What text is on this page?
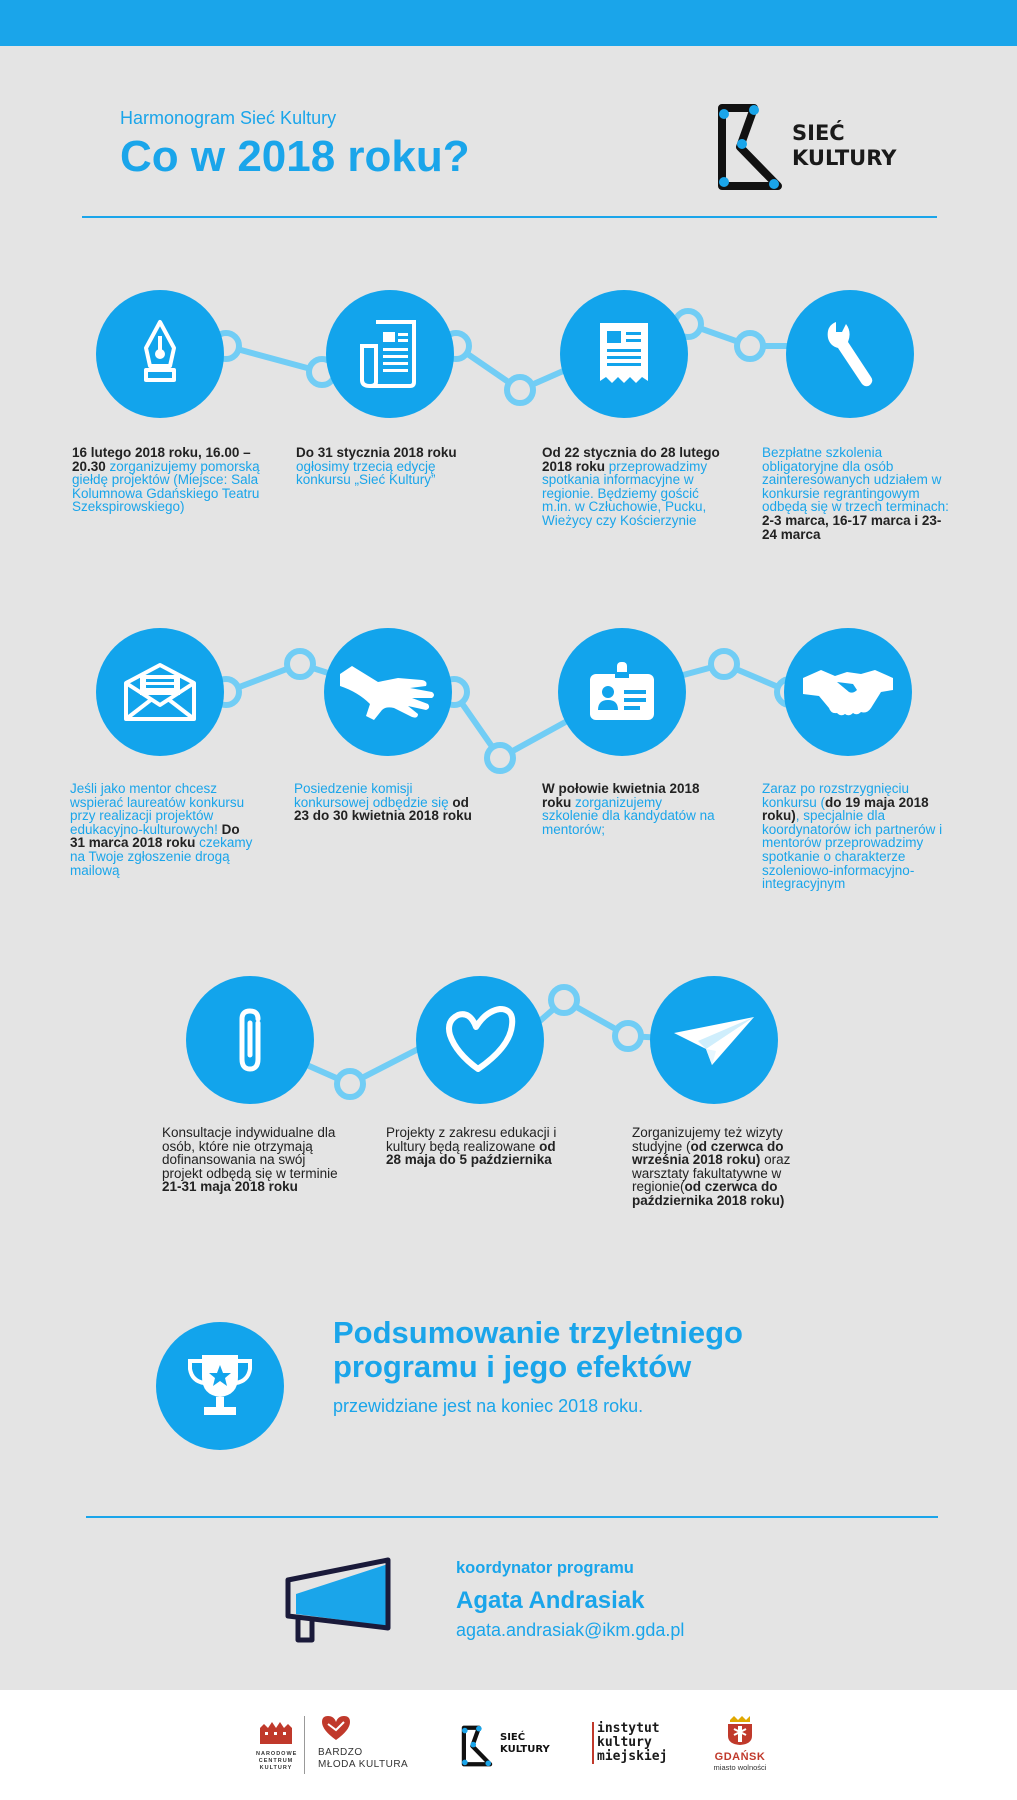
Harmonogram Sieć Kultury
Co w 2018 roku?	SIEĆ
KULTURY
16 lutego 2018 roku, 16.00 – 20.30 zorganizujemy pomorską giełdę projektów (Miejsce: Sala Kolumnowa Gdańskiego Teatru Szekspirowskiego)
Do 31 stycznia 2018 roku ogłosimy trzecią edycję konkursu „Sieć Kultury”
Od 22 stycznia do 28 lutego 2018 roku przeprowadzimy spotkania informacyjne w regionie. Będziemy gościć m.in. w Człuchowie, Pucku, Wieżycy czy Kościerzynie
Bezpłatne szkolenia obligatoryjne dla osób zainteresowanych udziałem w konkursie regrantingowym odbędą się w trzech terminach: 2-3 marca, 16-17 marca i 23-24 marca
Jeśli jako mentor chcesz wspierać laureatów konkursu przy realizacji projektów edukacyjno-kulturowych! Do 31 marca 2018 roku czekamy na Twoje zgłoszenie drogą mailową
Posiedzenie komisji konkursowej odbędzie się od 23 do 30 kwietnia 2018 roku
W połowie kwietnia 2018 roku zorganizujemy szkolenie dla kandydatów na mentorów;
Zaraz po rozstrzygnięciu konkursu (do 19 maja 2018 roku), specjalnie dla koordynatorów ich partnerów i mentorów przeprowadzimy spotkanie o charakterze szoleniowo-informacyjno-integracyjnym
Konsultacje indywidualne dla osób, które nie otrzymają dofinansowania na swój projekt odbędą się w terminie 21-31 maja 2018 roku
Projekty z zakresu edukacji i kultury będą realizowane od 28 maja do 5 października
Zorganizujemy też wizyty studyjne (od czerwca do września 2018 roku) oraz warsztaty fakultatywne w regionie(od czerwca do października 2018 roku)
Podsumowanie trzyletniego
programu i jego efektów
przewidziane jest na koniec 2018 roku.
koordynator programu
Agata Andrasiak
agata.andrasiak@ikm.gda.pl
NARODOWE
CENTRUM
KULTURY
BARDZO
MŁODA KULTURA
SIEĆ
KULTURY
instytut
kultury
miejskiej	GDAŃSK
miasto wolności
